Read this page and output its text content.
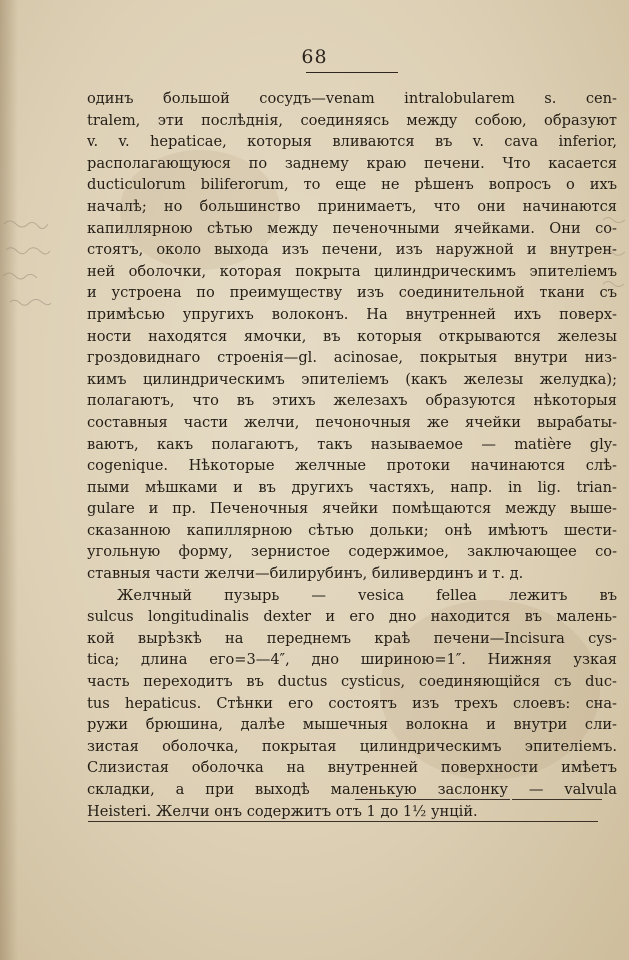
68
одинъ большой сосудъ—venam intralobularem s. cen-
tralem, эти послѣднія, соединяясь между собою, образуют
v. v. hepaticae, которыя вливаются въ v. cava inferior,
располагающуюся по заднему краю печени. Что касается
ductiсulorum biliferorum, то еще не рѣшенъ вопросъ о ихъ
началѣ; но большинство принимаетъ, что они начинаются
капиллярною сѣтью между печеночными ячейками. Они со-
стоятъ, около выхода изъ печени, изъ наружной и внутрен-
ней оболочки, которая покрыта цилиндрическимъ эпителіемъ
и устроена по преимуществу изъ соединительной ткани съ
примѣсью упругихъ волоконъ. На внутренней ихъ поверх-
ности находятся ямочки, въ которыя открываются железы
гроздовиднаго строенія—gl. acinosae, покрытыя внутри низ-
кимъ цилиндрическимъ эпителіемъ (какъ железы желудка);
полагаютъ, что въ этихъ железахъ образуются нѣкоторыя
составныя части желчи, печоночныя же ячейки вырабаты-
ваютъ, какъ полагаютъ, такъ называемое — matière gly-
cogenique. Нѣкоторые желчные протоки начинаются слѣ-
пыми мѣшками и въ другихъ частяхъ, напр. in lig. trian-
gulare и пр. Печеночныя ячейки помѣщаются между выше-
сказанною капиллярною сѣтью дольки; онѣ имѣютъ шести-
угольную форму, зернистое содержимое, заключающее со-
ставныя части желчи—билирубинъ, биливердинъ и т. д.
Желчный пузырь — vesica fellea лежитъ въ
sulcus longitudinalis dexter и его дно находится въ малень-
кой вырѣзкѣ на переднемъ краѣ печени—Incisura cys-
tica; длина его=3—4″, дно шириною=1″. Нижняя узкая
часть переходитъ въ ductus cysticus, соединяющійся съ duc-
tus hepaticus. Стѣнки его состоятъ изъ трехъ слоевъ: сна-
ружи брюшина, далѣе мышечныя волокна и внутри сли-
зистая оболочка, покрытая цилиндрическимъ эпителіемъ.
Слизистая оболочка на внутренней поверхности имѣетъ
складки, а при выходѣ маленькую заслонку — valvula
Heisteri. Желчи онъ содержитъ отъ 1 до 1½ унцій.
